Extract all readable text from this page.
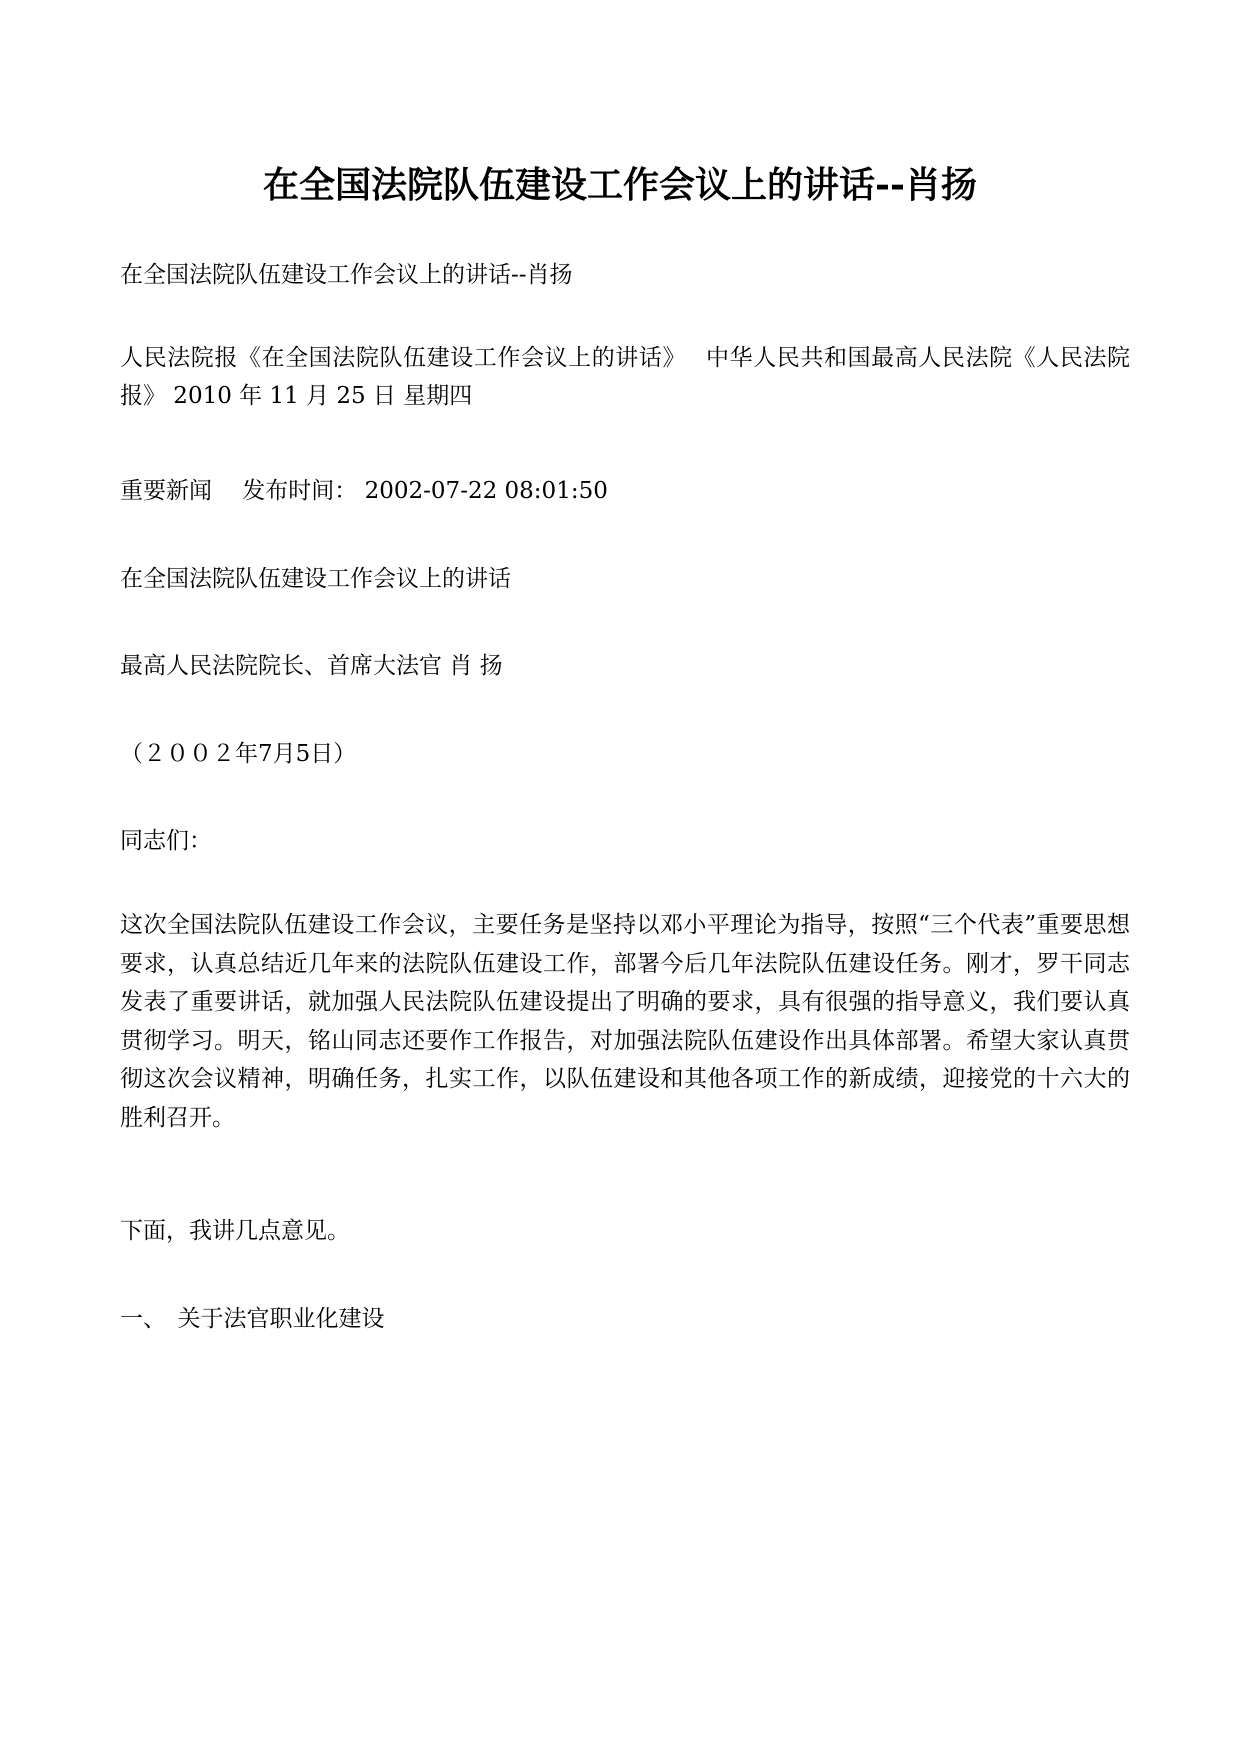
在全国法院队伍建设工作会议上的讲话--肖扬

在全国法院队伍建设工作会议上的讲话--肖扬

人民法院报《在全国法院队伍建设工作会议上的讲话》　 中华人民共和国最高人民法院《人民法院报》 2010 年 11 月 25 日 星期四

重要新闻　 发布时间： 2002-07-22 08:01:50

在全国法院队伍建设工作会议上的讲话

最高人民法院院长、首席大法官 肖 扬

（２００２年7月5日）

同志们：

这次全国法院队伍建设工作会议，主要任务是坚持以邓小平理论为指导，按照“三个代表”重要思想要求，认真总结近几年来的法院队伍建设工作，部署今后几年法院队伍建设任务。刚才，罗干同志发表了重要讲话，就加强人民法院队伍建设提出了明确的要求，具有很强的指导意义，我们要认真贯彻学习。明天，铭山同志还要作工作报告，对加强法院队伍建设作出具体部署。希望大家认真贯彻这次会议精神，明确任务，扎实工作，以队伍建设和其他各项工作的新成绩，迎接党的十六大的胜利召开。

下面，我讲几点意见。

一、　关于法官职业化建设
